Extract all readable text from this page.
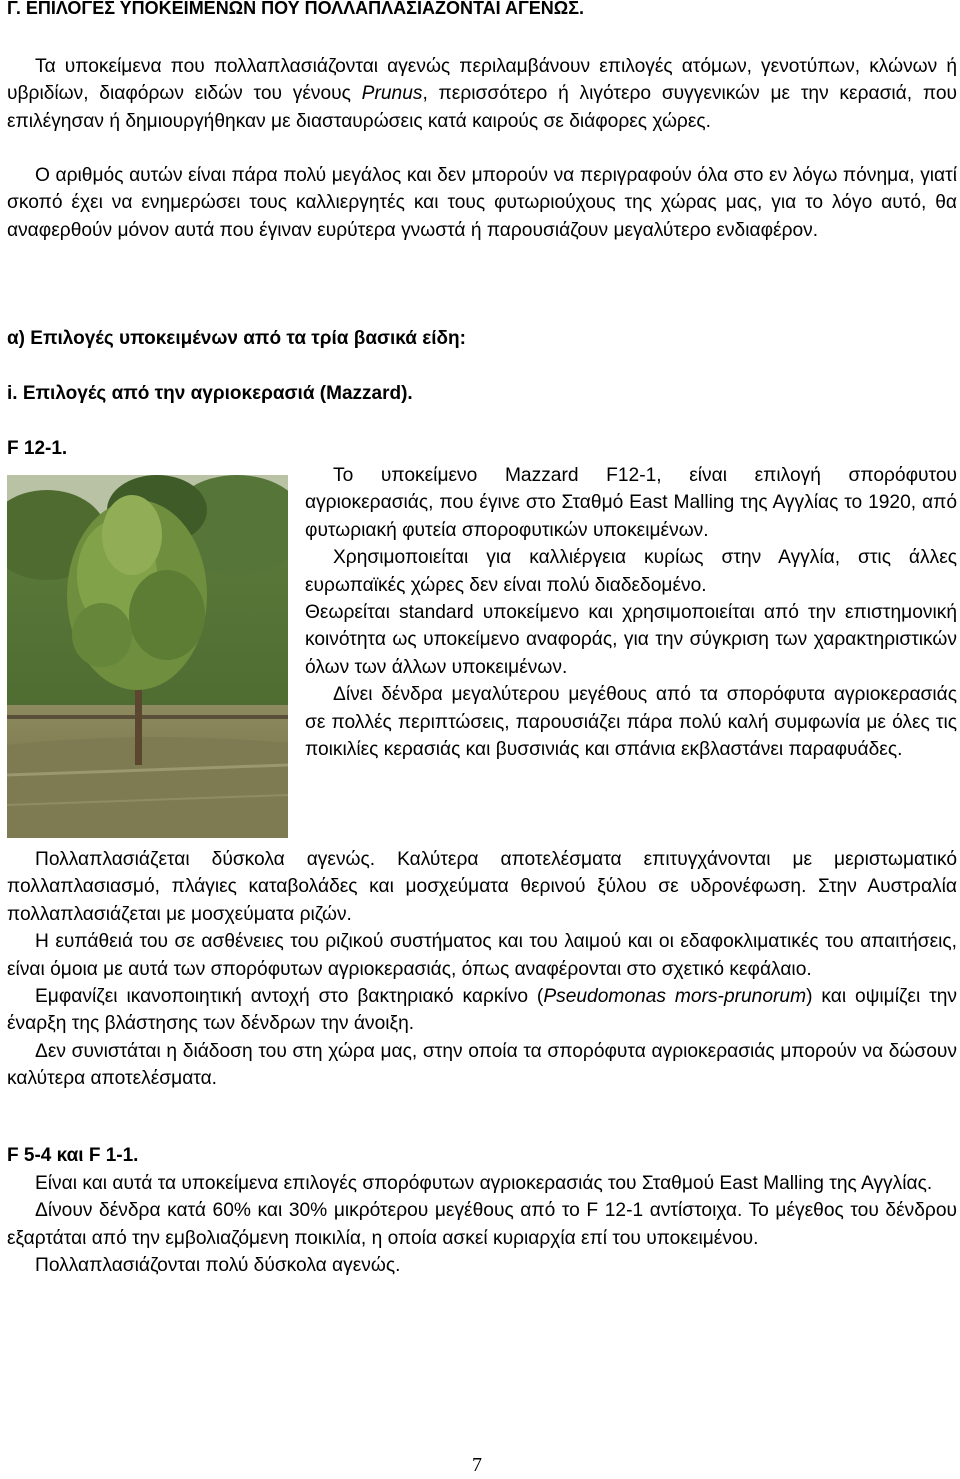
Γ. ΕΠΙΛΟΓΕΣ ΥΠΟΚΕΙΜΕΝΩΝ ΠΟΥ ΠΟΛΛΑΠΛΑΣΙΑΖΟΝΤΑΙ ΑΓΕΝΩΣ.
Τα υποκείμενα που πολλαπλασιάζονται αγενώς περιλαμβάνουν επιλογές ατόμων, γενοτύπων, κλώνων ή υβριδίων, διαφόρων ειδών του γένους Prunus, περισσότερο ή λιγότερο συγγενικών με την κερασιά, που επιλέγησαν ή δημιουργήθηκαν με διασταυρώσεις κατά καιρούς σε διάφορες χώρες.

Ο αριθμός αυτών είναι πάρα πολύ μεγάλος και δεν μπορούν να περιγραφούν όλα στο εν λόγω πόνημα, γιατί σκοπό έχει να ενημερώσει τους καλλιεργητές και τους φυτωριούχους της χώρας μας, για το λόγο αυτό, θα αναφερθούν μόνον αυτά που έγιναν ευρύτερα γνωστά ή παρουσιάζουν μεγαλύτερο ενδιαφέρον.

α) Επιλογές υποκειμένων από τα τρία βασικά είδη:
i. Επιλογές από την αγριοκερασιά (Mazzard).
F 12-1.

Το υποκείμενο Mazzard F12-1, είναι επιλογή σπορόφυτου αγριοκερασιάς, που έγινε στο Σταθμό East Malling της Αγγλίας το 1920, από φυτωριακή φυτεία σποροφυτικών υποκειμένων.

Χρησιμοποιείται για καλλιέργεια κυρίως στην Αγγλία, στις άλλες ευρωπαϊκές χώρες δεν είναι πολύ διαδεδομένο.

Θεωρείται standard υποκείμενο και χρησιμοποιείται από την επιστημονική κοινότητα ως υποκείμενο αναφοράς, για την σύγκριση των χαρακτηριστικών όλων των άλλων υποκειμένων.

Δίνει δένδρα μεγαλύτερου μεγέθους από τα σπορόφυτα αγριοκερασιάς σε πολλές περιπτώσεις, παρουσιάζει πάρα πολύ καλή συμφωνία με όλες τις ποικιλίες κερασιάς και βυσσινιάς και σπάνια εκβλαστάνει παραφυάδες.

Πολλαπλασιάζεται δύσκολα αγενώς. Καλύτερα αποτελέσματα επιτυγχάνονται με μεριστωματικό πολλαπλασιασμό, πλάγιες καταβολάδες και μοσχεύματα θερινού ξύλου σε υδρονέφωση. Στην Αυστραλία πολλαπλασιάζεται με μοσχεύματα ριζών.

Η ευπάθειά του σε ασθένειες του ριζικού συστήματος και του λαιμού και οι εδαφοκλιματικές του απαιτήσεις, είναι όμοια με αυτά των σπορόφυτων αγριοκερασιάς, όπως αναφέρονται στο σχετικό κεφάλαιο.

Εμφανίζει ικανοποιητική αντοχή στο βακτηριακό καρκίνο (Pseudomonas mors-prunorum) και οψιμίζει την έναρξη της βλάστησης των δένδρων την άνοιξη.

Δεν συνιστάται η διάδοση του στη χώρα μας, στην οποία τα σπορόφυτα αγριοκερασιάς μπορούν να δώσουν καλύτερα αποτελέσματα.

F 5-4 και F 1-1.

Είναι και αυτά τα υποκείμενα επιλογές σπορόφυτων αγριοκερασιάς του Σταθμού East Malling της Αγγλίας.

Δίνουν δένδρα κατά 60% και 30% μικρότερου μεγέθους από το F 12-1 αντίστοιχα. Το μέγεθος του δένδρου εξαρτάται από την εμβολιαζόμενη ποικιλία, η οποία ασκεί κυριαρχία επί του υποκειμένου.

Πολλαπλασιάζονται πολύ δύσκολα αγενώς.

7
